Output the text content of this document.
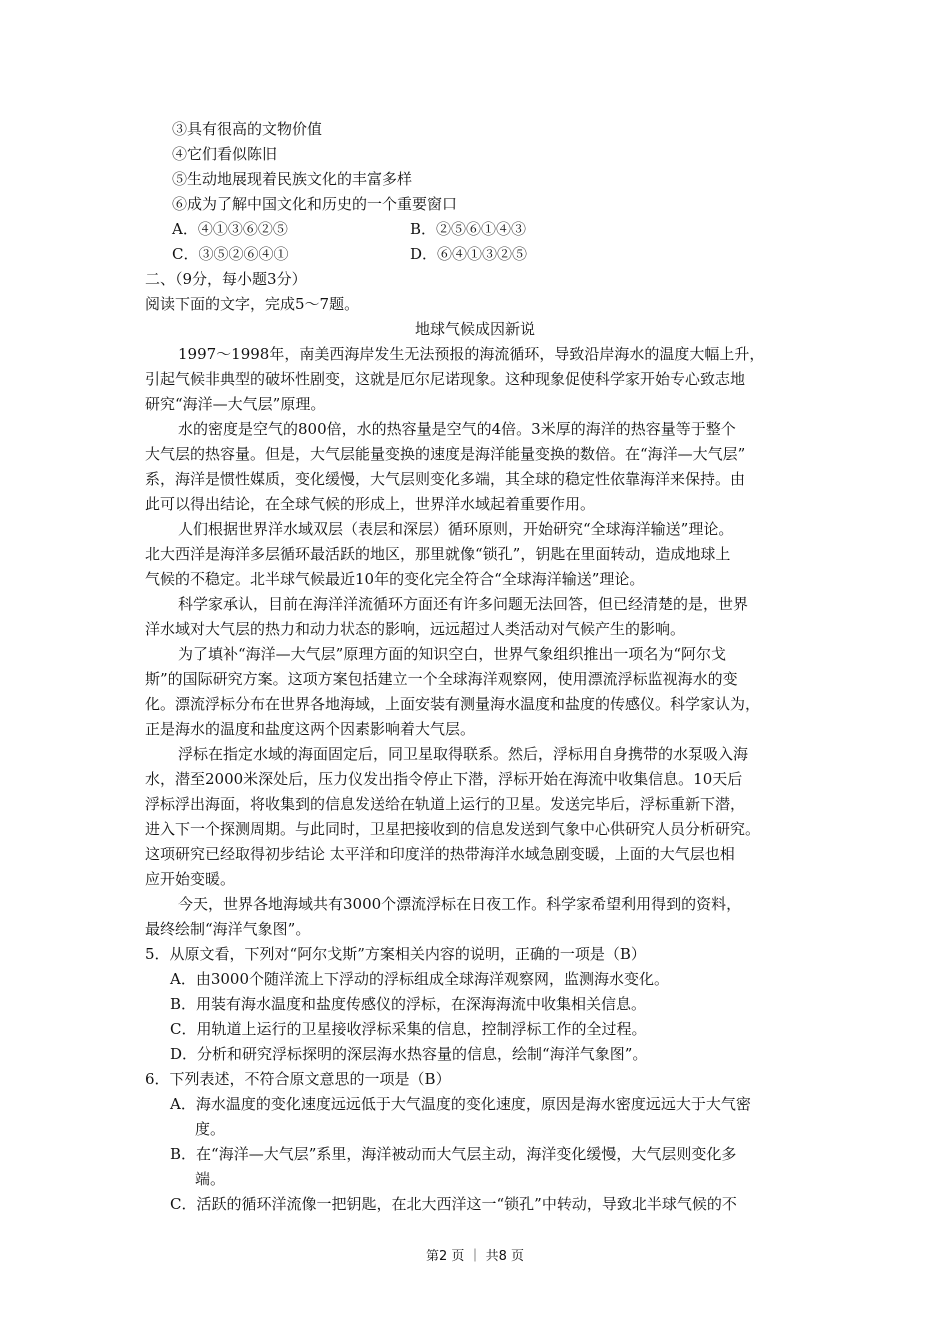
③具有很高的文物价值
④它们看似陈旧
⑤生动地展现着民族文化的丰富多样
⑥成为了解中国文化和历史的一个重要窗口
A．④①③⑥②⑤	B．②⑤⑥①④③
C．③⑤②⑥④①	D．⑥④①③②⑤
二、（9分，每小题3分）
阅读下面的文字，完成5～7题。
地球气候成因新说
1997～1998年，南美西海岸发生无法预报的海流循环，导致沿岸海水的温度大幅上升，
引起气候非典型的破坏性剧变，这就是厄尔尼诺现象。这种现象促使科学家开始专心致志地
研究“海洋—大气层”原理。
水的密度是空气的800倍，水的热容量是空气的4倍。3米厚的海洋的热容量等于整个
大气层的热容量。但是，大气层能量变换的速度是海洋能量变换的数倍。在“海洋—大气层”
系，海洋是惯性媒质，变化缓慢，大气层则变化多端，其全球的稳定性依靠海洋来保持。由
此可以得出结论，在全球气候的形成上，世界洋水域起着重要作用。
人们根据世界洋水域双层（表层和深层）循环原则，开始研究“全球海洋输送”理论。
北大西洋是海洋多层循环最活跃的地区，那里就像“锁孔”，钥匙在里面转动，造成地球上
气候的不稳定。北半球气候最近10年的变化完全符合“全球海洋输送”理论。
科学家承认，目前在海洋洋流循环方面还有许多问题无法回答，但已经清楚的是，世界
洋水域对大气层的热力和动力状态的影响，远远超过人类活动对气候产生的影响。
为了填补“海洋—大气层”原理方面的知识空白，世界气象组织推出一项名为“阿尔戈
斯”的国际研究方案。这项方案包括建立一个全球海洋观察网，使用漂流浮标监视海水的变
化。漂流浮标分布在世界各地海域，上面安装有测量海水温度和盐度的传感仪。科学家认为，
正是海水的温度和盐度这两个因素影响着大气层。
浮标在指定水域的海面固定后，同卫星取得联系。然后，浮标用自身携带的水泵吸入海
水，潜至2000米深处后，压力仪发出指令停止下潜，浮标开始在海流中收集信息。10天后
浮标浮出海面，将收集到的信息发送给在轨道上运行的卫星。发送完毕后，浮标重新下潜，
进入下一个探测周期。与此同时，卫星把接收到的信息发送到气象中心供研究人员分析研究。
这项研究已经取得初步结论 太平洋和印度洋的热带海洋水域急剧变暖，上面的大气层也相
应开始变暖。
今天，世界各地海域共有3000个漂流浮标在日夜工作。科学家希望利用得到的资料，
最终绘制“海洋气象图”。
5．从原文看，下列对“阿尔戈斯”方案相关内容的说明，正确的一项是（B）
A．由3000个随洋流上下浮动的浮标组成全球海洋观察网，监测海水变化。
B．用装有海水温度和盐度传感仪的浮标，在深海海流中收集相关信息。
C．用轨道上运行的卫星接收浮标采集的信息，控制浮标工作的全过程。
D．分析和研究浮标探明的深层海水热容量的信息，绘制“海洋气象图”。
6．下列表述，不符合原文意思的一项是（B）
A．海水温度的变化速度远远低于大气温度的变化速度，原因是海水密度远远大于大气密
度。
B．在“海洋—大气层”系里，海洋被动而大气层主动，海洋变化缓慢，大气层则变化多
端。
C．活跃的循环洋流像一把钥匙，在北大西洋这一“锁孔”中转动，导致北半球气候的不
第2 页 ｜ 共8 页
